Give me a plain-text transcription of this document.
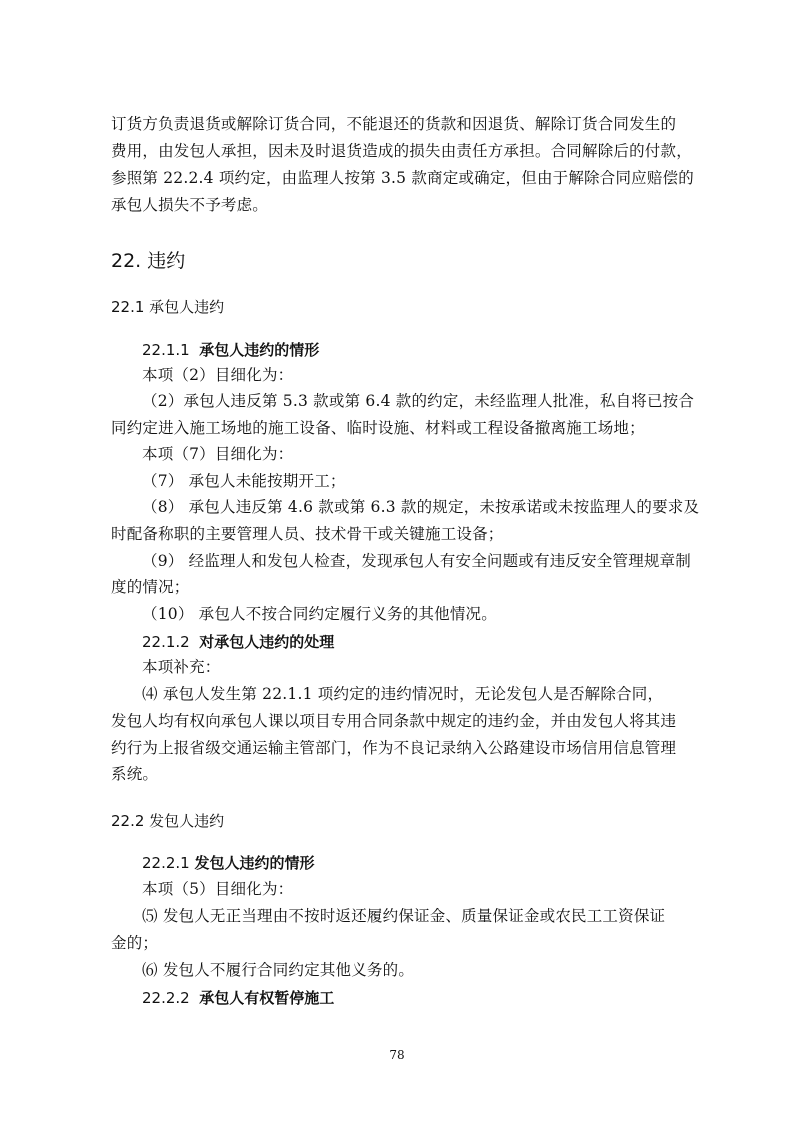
订货方负责退货或解除订货合同，不能退还的货款和因退货、解除订货合同发生的
费用，由发包人承担，因未及时退货造成的损失由责任方承担。合同解除后的付款，
参照第 22.2.4 项约定，由监理人按第 3.5 款商定或确定，但由于解除合同应赔偿的
承包人损失不予考虑。
22. 违约
22.1 承包人违约
22.1.1 承包人违约的情形
本项（2）目细化为：
（2）承包人违反第 5.3 款或第 6.4 款的约定，未经监理人批准，私自将已按合
同约定进入施工场地的施工设备、临时设施、材料或工程设备撤离施工场地；
本项（7）目细化为：
（7） 承包人未能按期开工；
（8） 承包人违反第 4.6 款或第 6.3 款的规定，未按承诺或未按监理人的要求及
时配备称职的主要管理人员、技术骨干或关键施工设备；
（9） 经监理人和发包人检查，发现承包人有安全问题或有违反安全管理规章制
度的情况；
（10） 承包人不按合同约定履行义务的其他情况。
22.1.2 对承包人违约的处理
本项补充：
⑷ 承包人发生第 22.1.1 项约定的违约情况时，无论发包人是否解除合同，
发包人均有权向承包人课以项目专用合同条款中规定的违约金，并由发包人将其违
约行为上报省级交通运输主管部门，作为不良记录纳入公路建设市场信用信息管理
系统。
22.2 发包人违约
22.2.1 发包人违约的情形
本项（5）目细化为：
⑸ 发包人无正当理由不按时返还履约保证金、质量保证金或农民工工资保证
金的；
⑹ 发包人不履行合同约定其他义务的。
22.2.2 承包人有权暂停施工
78
